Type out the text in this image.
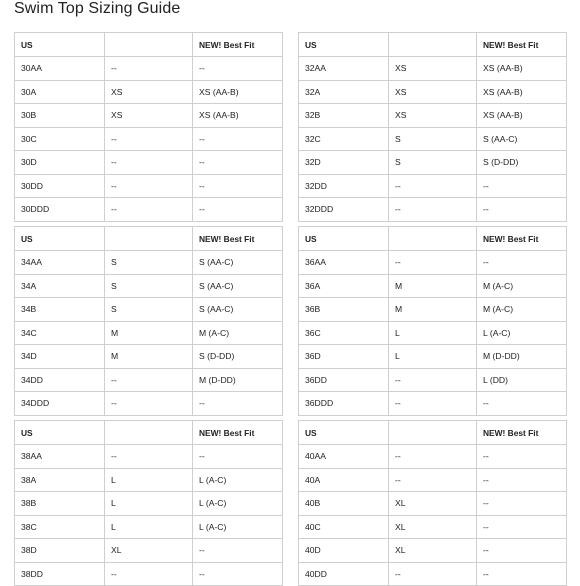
Swim Top Sizing Guide
US		NEW! Best Fit
30AA	--	--
30A	XS	XS (AA-B)
30B	XS	XS (AA-B)
30C	--	--
30D	--	--
30DD	--	--
30DDD	--	--
US		NEW! Best Fit
32AA	XS	XS (AA-B)
32A	XS	XS (AA-B)
32B	XS	XS (AA-B)
32C	S	S (AA-C)
32D	S	S (D-DD)
32DD	--	--
32DDD	--	--
US		NEW! Best Fit
34AA	S	S (AA-C)
34A	S	S (AA-C)
34B	S	S (AA-C)
34C	M	M (A-C)
34D	M	S (D-DD)
34DD	--	M (D-DD)
34DDD	--	--
US		NEW! Best Fit
36AA	--	--
36A	M	M (A-C)
36B	M	M (A-C)
36C	L	L (A-C)
36D	L	M (D-DD)
36DD	--	L (DD)
36DDD	--	--
US		NEW! Best Fit
38AA	--	--
38A	L	L (A-C)
38B	L	L (A-C)
38C	L	L (A-C)
38D	XL	--
38DD	--	--
US		NEW! Best Fit
40AA	--	--
40A	--	--
40B	XL	--
40C	XL	--
40D	XL	--
40DD	--	--
